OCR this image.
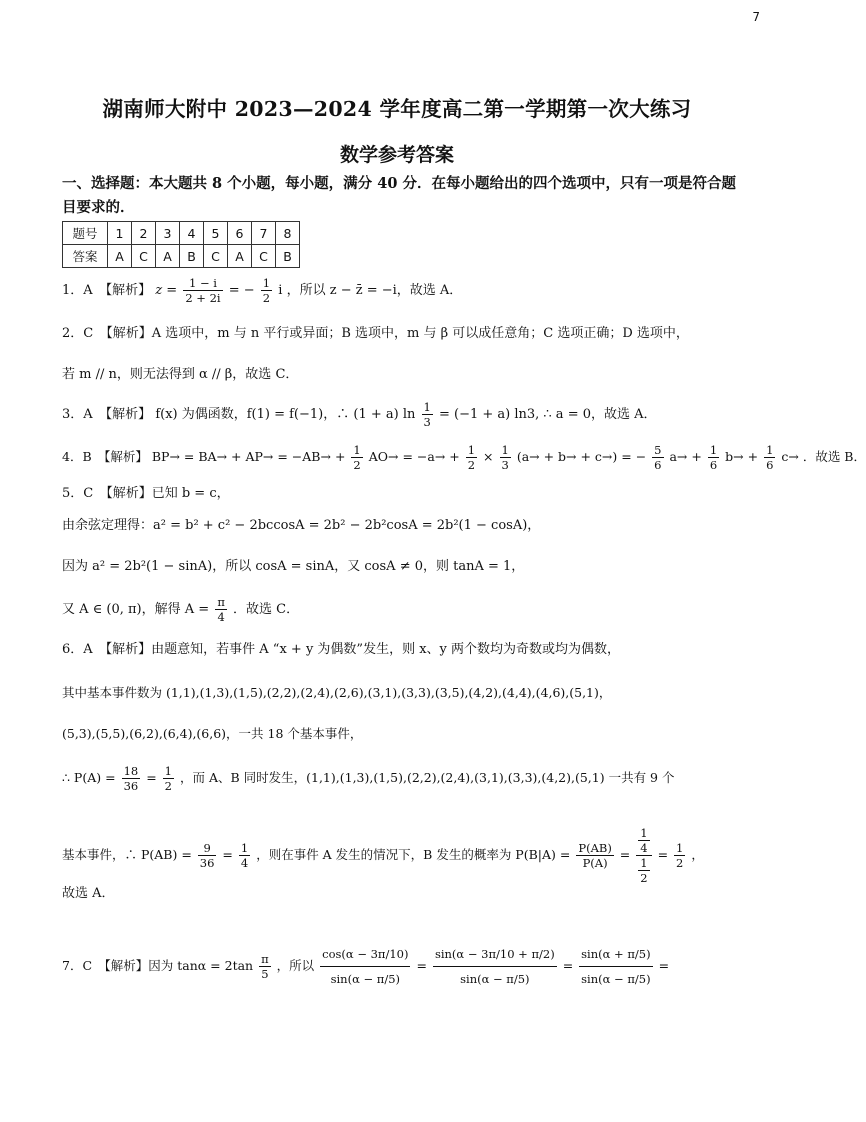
7
湖南师大附中 2023—2024 学年度高二第一学期第一次大练习
数学参考答案
一、选择题：本大题共 8 个小题，每小题，满分 40 分．在每小题给出的四个选项中，只有一项是符合题目要求的．
题号	1	2	3	4	5	6	7	8
答案	A	C	A	B	C	A	C	B
1．A　【解析】 $z = \frac{1 - i}{2 + 2i}$ = − $\frac{1}{2}$ i ，所以 z − z̄ = −i，故选 A．
2．C　【解析】A 选项中，m 与 n 平行或异面；B 选项中，m 与 β 可以成任意角；C 选项正确；D 选项中，
若 m // n，则无法得到 α // β，故选 C．
3．A　【解析】 f(x) 为偶函数，f(1) = f(−1)，∴ (1 + a) $\ln \frac{1}{3} = (-1 + a)$ ln3, ∴ a = 0，故选 A．
4．B　【解析】 $BP\to = BA\to + AP\to = -AB\to + \frac{1}{2} AO\to = -a\to + \frac{1}{2} \times \frac{1}{3} (a\to + b\to + c\to)$ = − $\frac{5}{6} a\to + \frac{1}{6} b\to + \frac{1}{6} c\to$ ．故选 B．
5．C　【解析】已知 b = c，
由余弦定理得：a² = b² + c² − 2bccosA = 2b² − 2b²cosA = 2b²(1 − cosA)，
因为 a² = 2b²(1 − sinA)，所以 cosA = sinA，又 cosA ≠ 0，则 tanA = 1，
又 A ∈ (0, π)，解得 $A = \frac{\pi}{4}$ ．故选 C．
6．A　【解析】由题意知，若事件 A “x + y 为偶数”发生，则 x、y 两个数均为奇数或均为偶数，
其中基本事件数为 (1,1),(1,3),(1,5),(2,2),(2,4),(2,6),(3,1),(3,3),(3,5),(4,2),(4,4),(4,6),(5,1)，
(5,3),(5,5),(6,2),(6,4),(6,6)，一共 18 个基本事件，
∴ $P(A) = \frac{18}{36} = \frac{1}{2}$ ，而 A、B 同时发生，(1,1),(1,3),(1,5),(2,2),(2,4),(3,1),(3,3),(4,2),(5,1) 一共有 9 个
基本事件，∴ $P(AB) = \frac{9}{36} = \frac{1}{4}$ ，则在事件 A 发生的情况下，B 发生的概率为 $P(B|A) = \frac{P(AB)}{P(A)} = \frac{\frac{1}{4}}{\frac{1}{2}} = \frac{1}{2}$ ，
故选 A．
7．C　【解析】因为 $\tan\alpha = 2\tan \frac{\pi}{5}$ ，所以 $\frac{\cos(\alpha - 3\pi/10)}{\sin(\alpha - \pi/5)} = \frac{\sin(\alpha - 3\pi/10 + \pi/2)}{\sin(\alpha - \pi/5)} = \frac{\sin(\alpha + \pi/5)}{\sin(\alpha - \pi/5)}$ =
